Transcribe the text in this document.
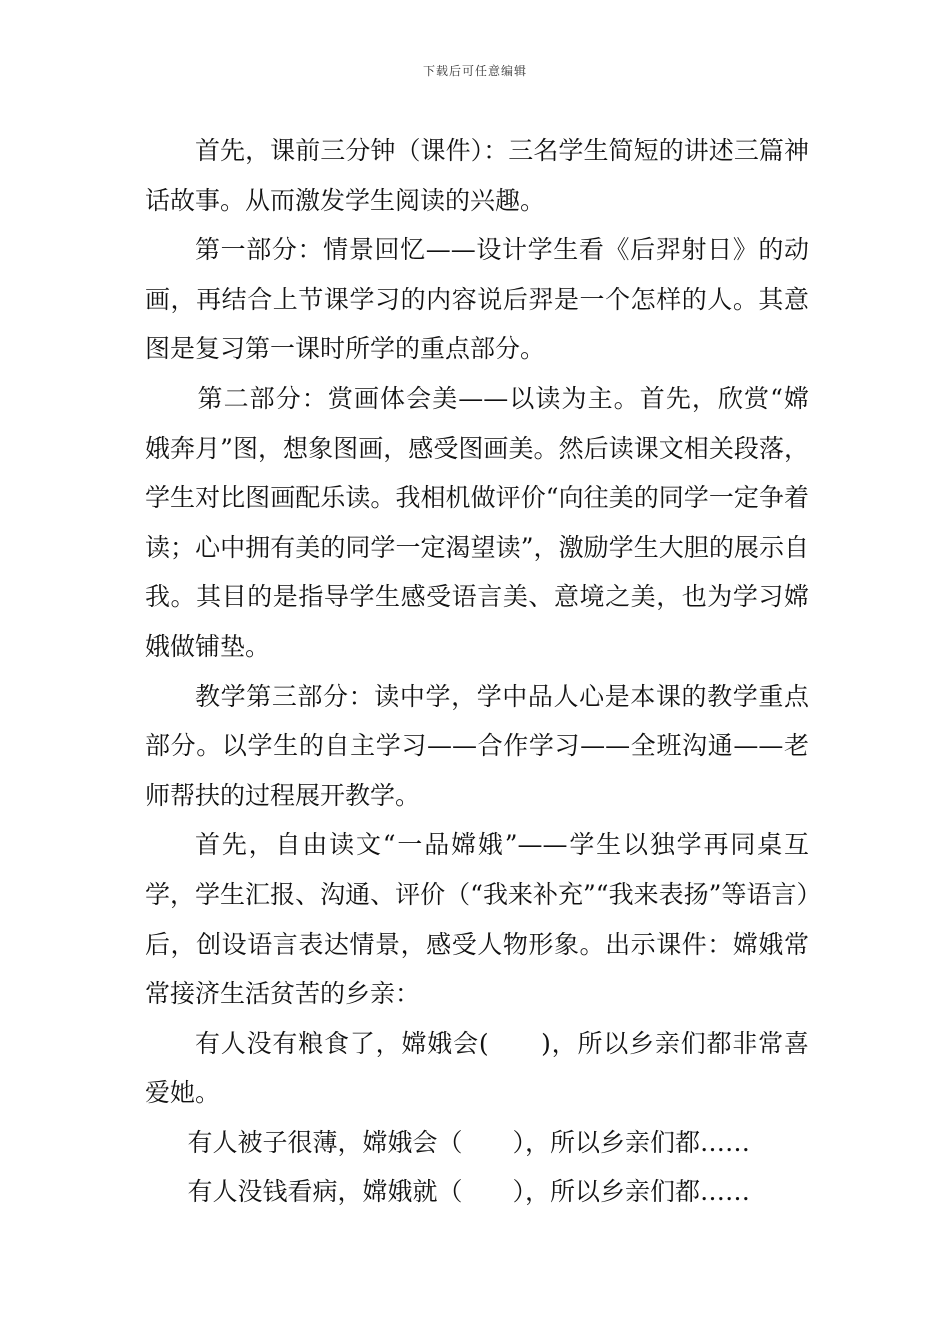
下载后可任意编辑

首先，课前三分钟（课件）：三名学生简短的讲述三篇神话故事。从而激发学生阅读的兴趣。

第一部分：情景回忆——设计学生看《后羿射日》的动画，再结合上节课学习的内容说后羿是一个怎样的人。其意图是复习第一课时所学的重点部分。

第二部分：赏画体会美——以读为主。首先，欣赏“嫦娥奔月”图，想象图画，感受图画美。然后读课文相关段落，学生对比图画配乐读。我相机做评价“向往美的同学一定争着读；心中拥有美的同学一定渴望读”，激励学生大胆的展示自我。其目的是指导学生感受语言美、意境之美，也为学习嫦娥做铺垫。

教学第三部分：读中学，学中品人心是本课的教学重点部分。以学生的自主学习——合作学习——全班沟通——老师帮扶的过程展开教学。

首先，自由读文“一品嫦娥”——学生以独学再同桌互学，学生汇报、沟通、评价（“我来补充”“我来表扬”等语言）后，创设语言表达情景，感受人物形象。出示课件：嫦娥常常接济生活贫苦的乡亲：

有人没有粮食了，嫦娥会(　　)，所以乡亲们都非常喜爱她。

有人被子很薄，嫦娥会（　　），所以乡亲们都……

有人没钱看病，嫦娥就（　　），所以乡亲们都……
